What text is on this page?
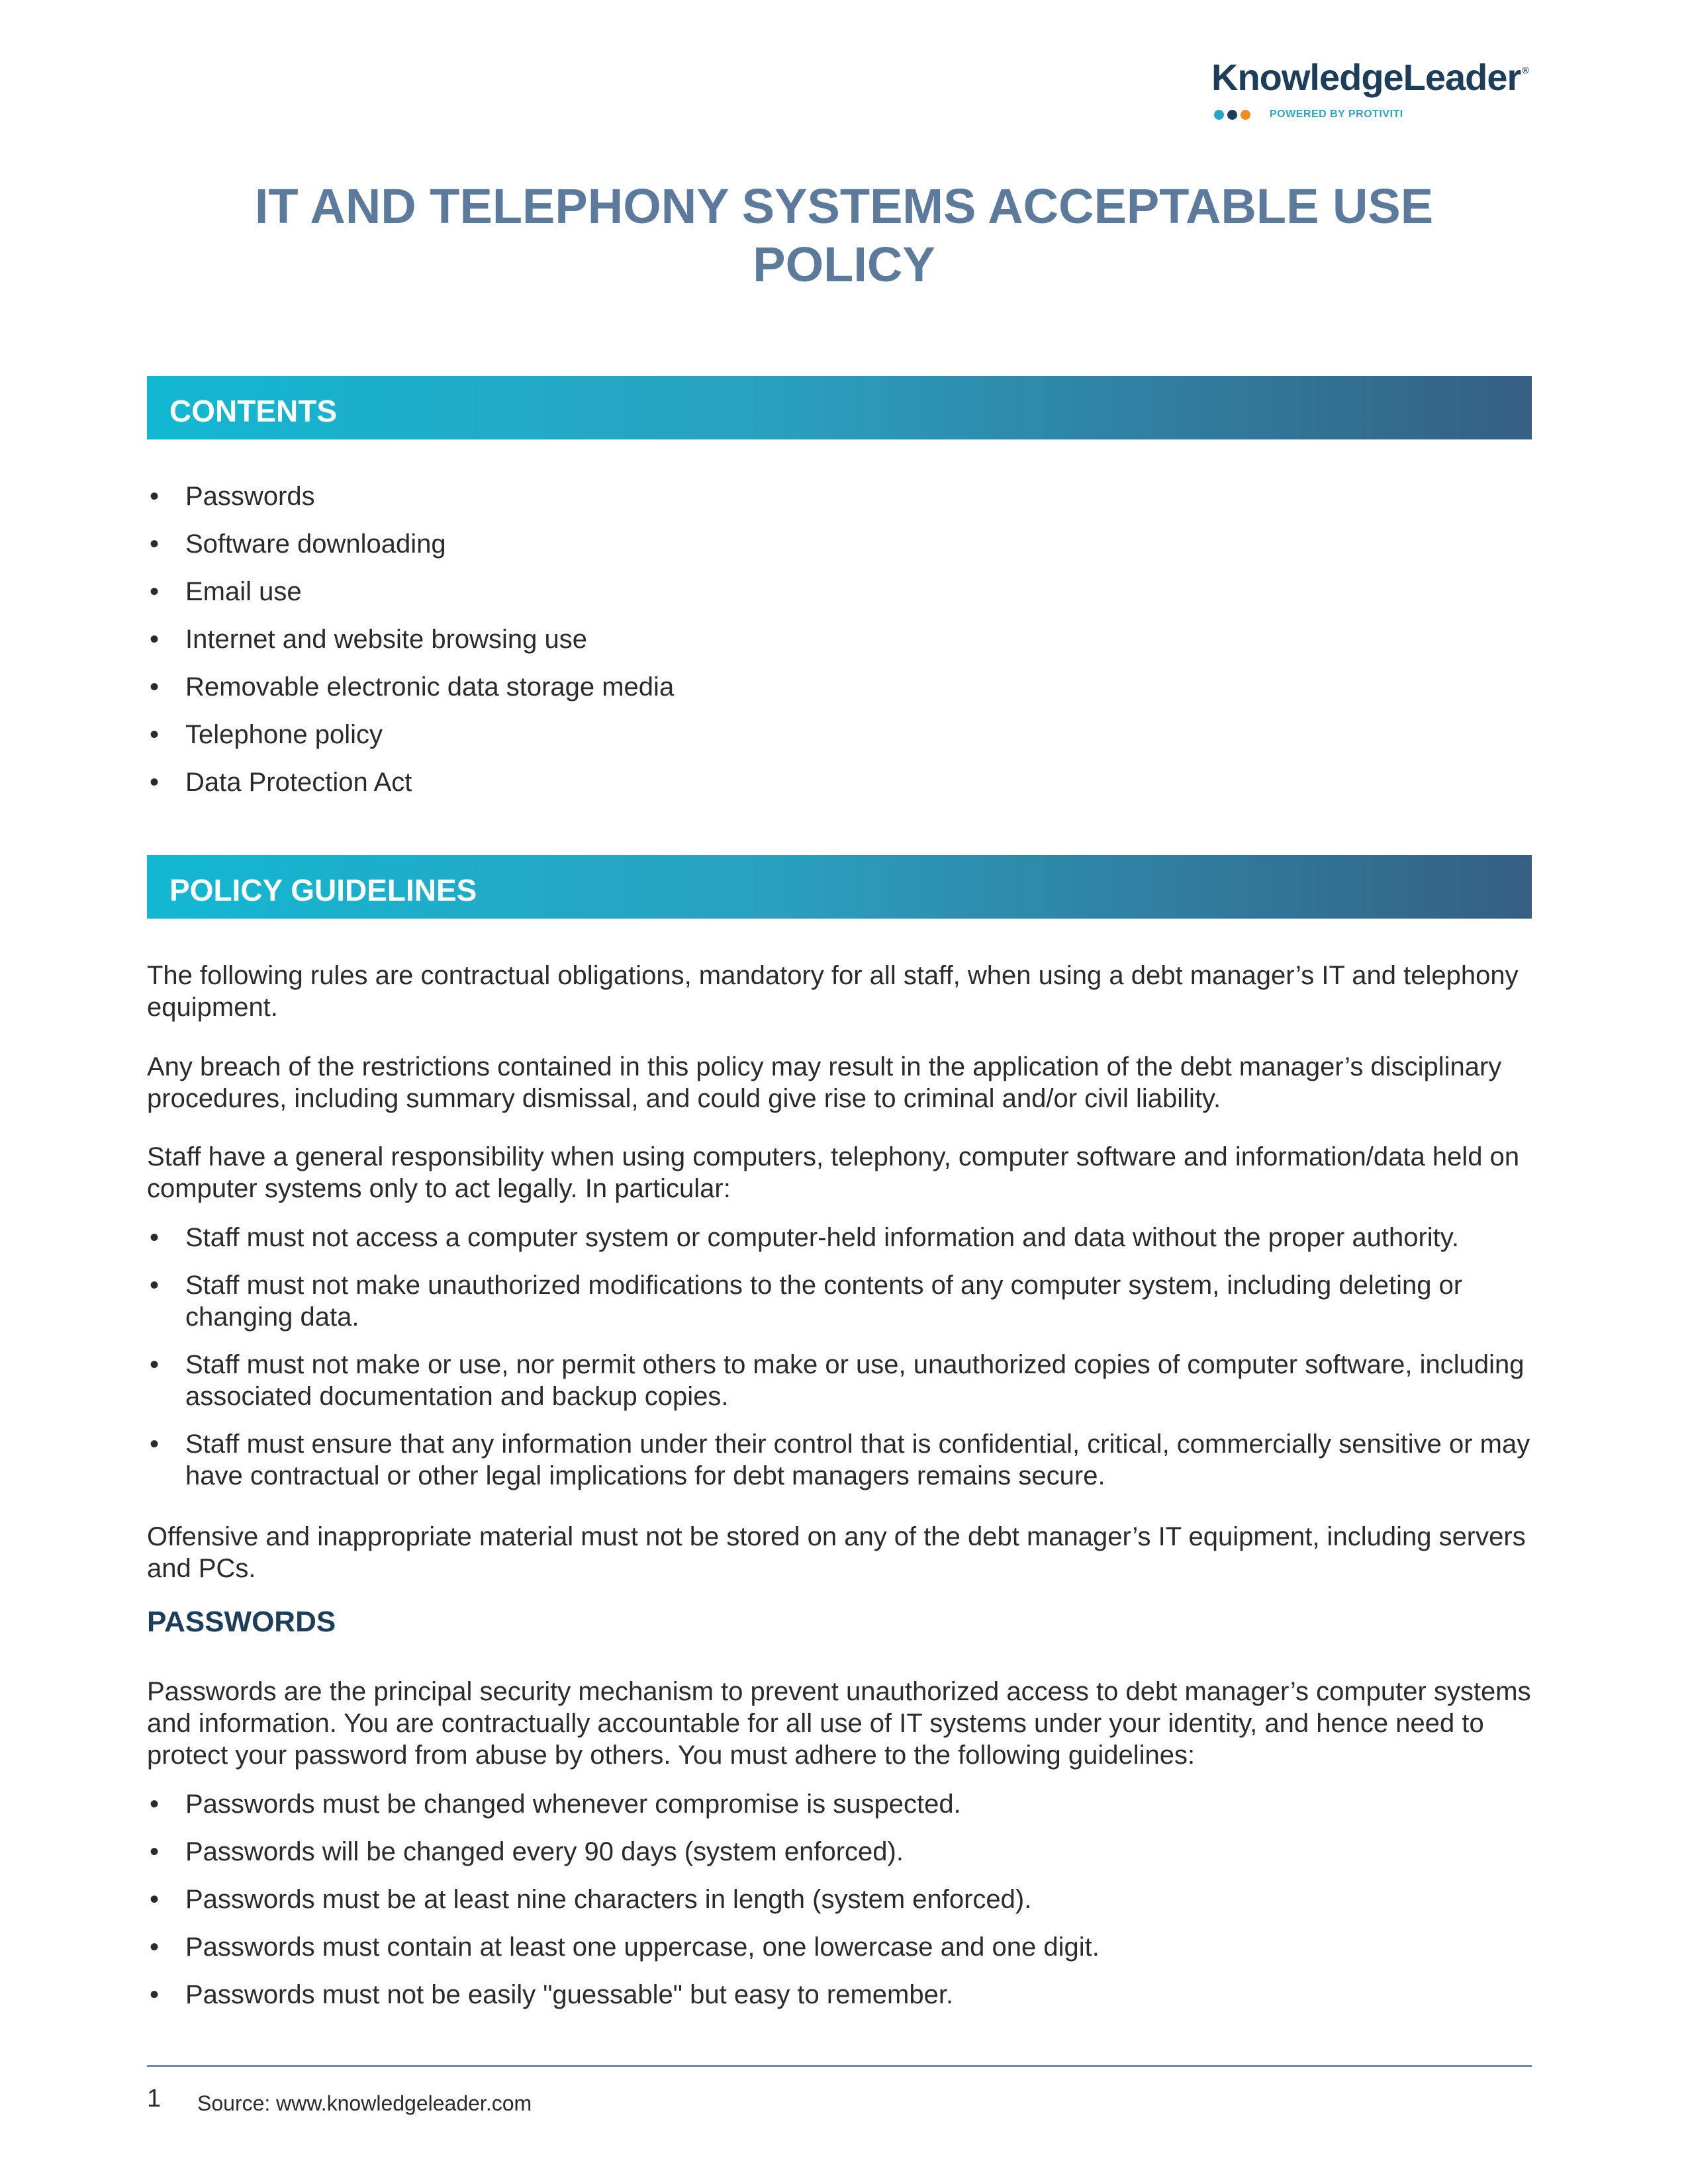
KnowledgeLeader ®
POWERED BY PROTIVITI
IT AND TELEPHONY SYSTEMS ACCEPTABLE USE
POLICY
CONTENTS
• Passwords
• Software downloading
• Email use
• Internet and website browsing use
• Removable electronic data storage media
• Telephone policy
• Data Protection Act
POLICY GUIDELINES

The following rules are contractual obligations, mandatory for all staff, when using a debt manager’s IT and telephony equipment.

Any breach of the restrictions contained in this policy may result in the application of the debt manager’s disciplinary procedures, including summary dismissal, and could give rise to criminal and/or civil liability.

Staff have a general responsibility when using computers, telephony, computer software and information/data held on computer systems only to act legally. In particular:

• Staff must not access a computer system or computer-held information and data without the proper authority.
• Staff must not make unauthorized modifications to the contents of any computer system, including deleting or changing data.
• Staff must not make or use, nor permit others to make or use, unauthorized copies of computer software, including associated documentation and backup copies.
• Staff must ensure that any information under their control that is confidential, critical, commercially sensitive or may have contractual or other legal implications for debt managers remains secure.

Offensive and inappropriate material must not be stored on any of the debt manager’s IT equipment, including servers and PCs.

PASSWORDS

Passwords are the principal security mechanism to prevent unauthorized access to debt manager’s computer systems and information. You are contractually accountable for all use of IT systems under your identity, and hence need to protect your password from abuse by others. You must adhere to the following guidelines:

• Passwords must be changed whenever compromise is suspected.
• Passwords will be changed every 90 days (system enforced).
• Passwords must be at least nine characters in length (system enforced).
• Passwords must contain at least one uppercase, one lowercase and one digit.
• Passwords must not be easily "guessable" but easy to remember.
1 Source: www.knowledgeleader.com
